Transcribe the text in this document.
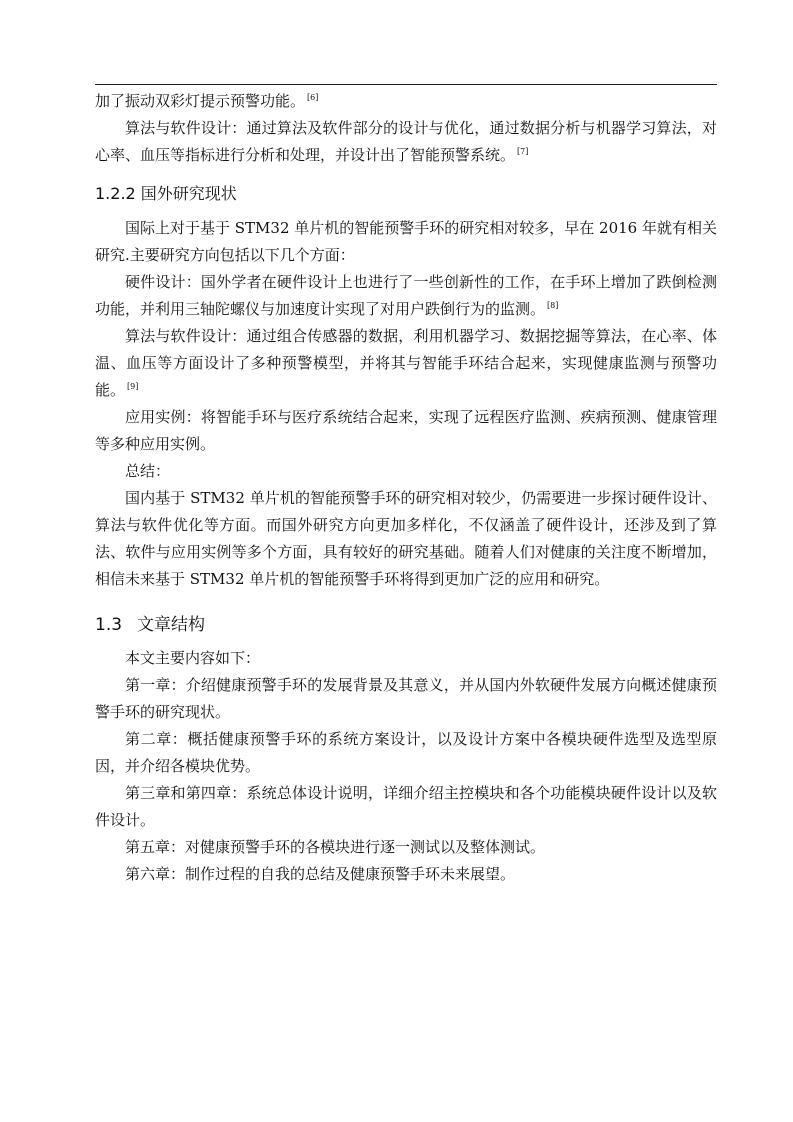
加了振动双彩灯提示预警功能。 [6]

算法与软件设计：通过算法及软件部分的设计与优化，通过数据分析与机器学习算法，对心率、血压等指标进行分析和处理，并设计出了智能预警系统。 [7]

1.2.2 国外研究现状

国际上对于基于 STM32 单片机的智能预警手环的研究相对较多，早在 2016 年就有相关研究.主要研究方向包括以下几个方面：

硬件设计：国外学者在硬件设计上也进行了一些创新性的工作，在手环上增加了跌倒检测功能，并利用三轴陀螺仪与加速度计实现了对用户跌倒行为的监测。 [8]

算法与软件设计：通过组合传感器的数据，利用机器学习、数据挖掘等算法，在心率、体温、血压等方面设计了多种预警模型，并将其与智能手环结合起来，实现健康监测与预警功能。 [9]

应用实例：将智能手环与医疗系统结合起来，实现了远程医疗监测、疾病预测、健康管理等多种应用实例。

总结：

国内基于 STM32 单片机的智能预警手环的研究相对较少，仍需要进一步探讨硬件设计、算法与软件优化等方面。而国外研究方向更加多样化，不仅涵盖了硬件设计，还涉及到了算法、软件与应用实例等多个方面，具有较好的研究基础。随着人们对健康的关注度不断增加，相信未来基于 STM32 单片机的智能预警手环将得到更加广泛的应用和研究。

1.3 文章结构

本文主要内容如下：

第一章：介绍健康预警手环的发展背景及其意义，并从国内外软硬件发展方向概述健康预警手环的研究现状。

第二章：概括健康预警手环的系统方案设计，以及设计方案中各模块硬件选型及选型原因，并介绍各模块优势。

第三章和第四章：系统总体设计说明，详细介绍主控模块和各个功能模块硬件设计以及软件设计。

第五章：对健康预警手环的各模块进行逐一测试以及整体测试。

第六章：制作过程的自我的总结及健康预警手环未来展望。
